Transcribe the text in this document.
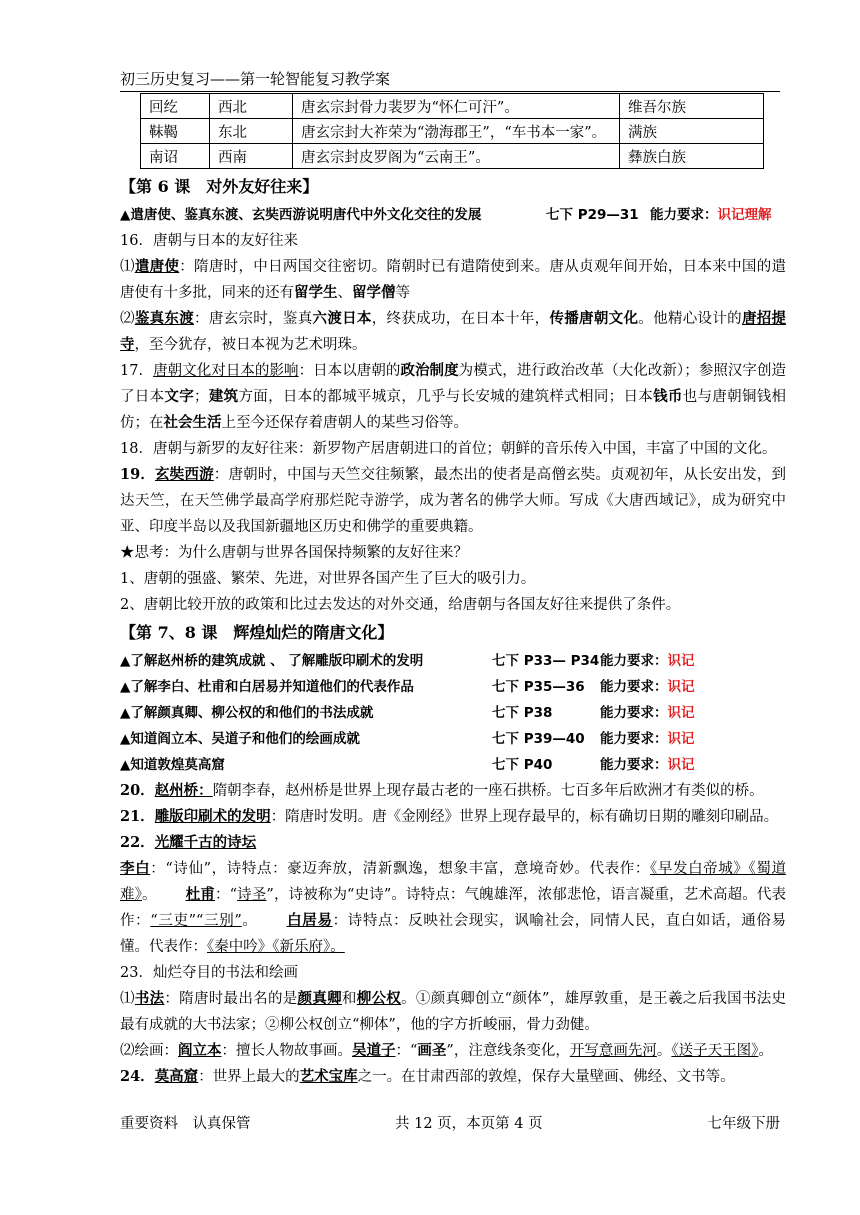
初三历史复习——第一轮智能复习教学案
回纥	西北	唐玄宗封骨力裴罗为“怀仁可汗”。	维吾尔族
靺鞨	东北	唐玄宗封大祚荣为“渤海郡王”，“车书本一家”。	满族
南诏	西南	唐玄宗封皮罗阁为“云南王”。	彝族白族

【第 6 课　对外友好往来】

▲遣唐使、鉴真东渡、玄奘西游说明唐代中外文化交往的发展	七下 P29—31 能力要求： 识记理解

16．唐朝与日本的友好往来

⑴遣唐使：隋唐时，中日两国交往密切。隋朝时已有遣隋使到来。唐从贞观年间开始，日本来中国的遣唐使有十多批，同来的还有留学生、留学僧等

⑵鉴真东渡：唐玄宗时，鉴真六渡日本，终获成功，在日本十年，传播唐朝文化。他精心设计的唐招提寺，至今犹存，被日本视为艺术明珠。

17．唐朝文化对日本的影响：日本以唐朝的政治制度为模式，进行政治改革（大化改新）；参照汉字创造了日本文字；建筑方面，日本的都城平城京，几乎与长安城的建筑样式相同；日本钱币也与唐朝铜钱相仿；在社会生活上至今还保存着唐朝人的某些习俗等。

18．唐朝与新罗的友好往来：新罗物产居唐朝进口的首位；朝鲜的音乐传入中国，丰富了中国的文化。

19．玄奘西游：唐朝时，中国与天竺交往频繁，最杰出的使者是高僧玄奘。贞观初年，从长安出发，到达天竺，在天竺佛学最高学府那烂陀寺游学，成为著名的佛学大师。写成《大唐西域记》，成为研究中亚、印度半岛以及我国新疆地区历史和佛学的重要典籍。

★思考：为什么唐朝与世界各国保持频繁的友好往来？

1、唐朝的强盛、繁荣、先进，对世界各国产生了巨大的吸引力。

2、唐朝比较开放的政策和比过去发达的对外交通，给唐朝与各国友好往来提供了条件。

【第 7、8 课　辉煌灿烂的隋唐文化】

▲了解赵州桥的建筑成就 、 了解雕版印刷术的发明	七下 P33— P34 能力要求： 识记
▲了解李白、杜甫和白居易并知道他们的代表作品	七下 P35—36	能力要求： 识记
▲了解颜真卿、柳公权的和他们的书法成就	七下 P38	能力要求： 识记
▲知道阎立本、吴道子和他们的绘画成就	七下 P39—40	能力要求： 识记
▲知道敦煌莫高窟	七下 P40	能力要求： 识记

20．赵州桥：隋朝李春，赵州桥是世界上现存最古老的一座石拱桥。七百多年后欧洲才有类似的桥。

21．雕版印刷术的发明：隋唐时发明。唐《金刚经》世界上现存最早的，标有确切日期的雕刻印刷品。

22．光耀千古的诗坛

李白：“诗仙”，诗特点：豪迈奔放，清新飘逸，想象丰富，意境奇妙。代表作：《早发白帝城》《蜀道难》。   杜甫：“诗圣”，诗被称为“史诗”。诗特点：气魄雄浑，浓郁悲怆，语言凝重，艺术高超。代表作：“三吏”“三别”。   白居易：诗特点：反映社会现实，讽喻社会，同情人民，直白如话，通俗易懂。代表作：《秦中吟》《新乐府》。

23．灿烂夺目的书法和绘画

⑴书法：隋唐时最出名的是颜真卿和柳公权。①颜真卿创立“颜体”，雄厚敦重，是王羲之后我国书法史最有成就的大书法家；②柳公权创立“柳体”，他的字方折峻丽，骨力劲健。

⑵绘画：阎立本：擅长人物故事画。吴道子：“画圣”，注意线条变化，开写意画先河。《送子天王图》。

24．莫高窟：世界上最大的艺术宝库之一。在甘肃西部的敦煌，保存大量壁画、佛经、文书等。

重要资料　认真保管	共 12 页，本页第 4 页	七年级下册
